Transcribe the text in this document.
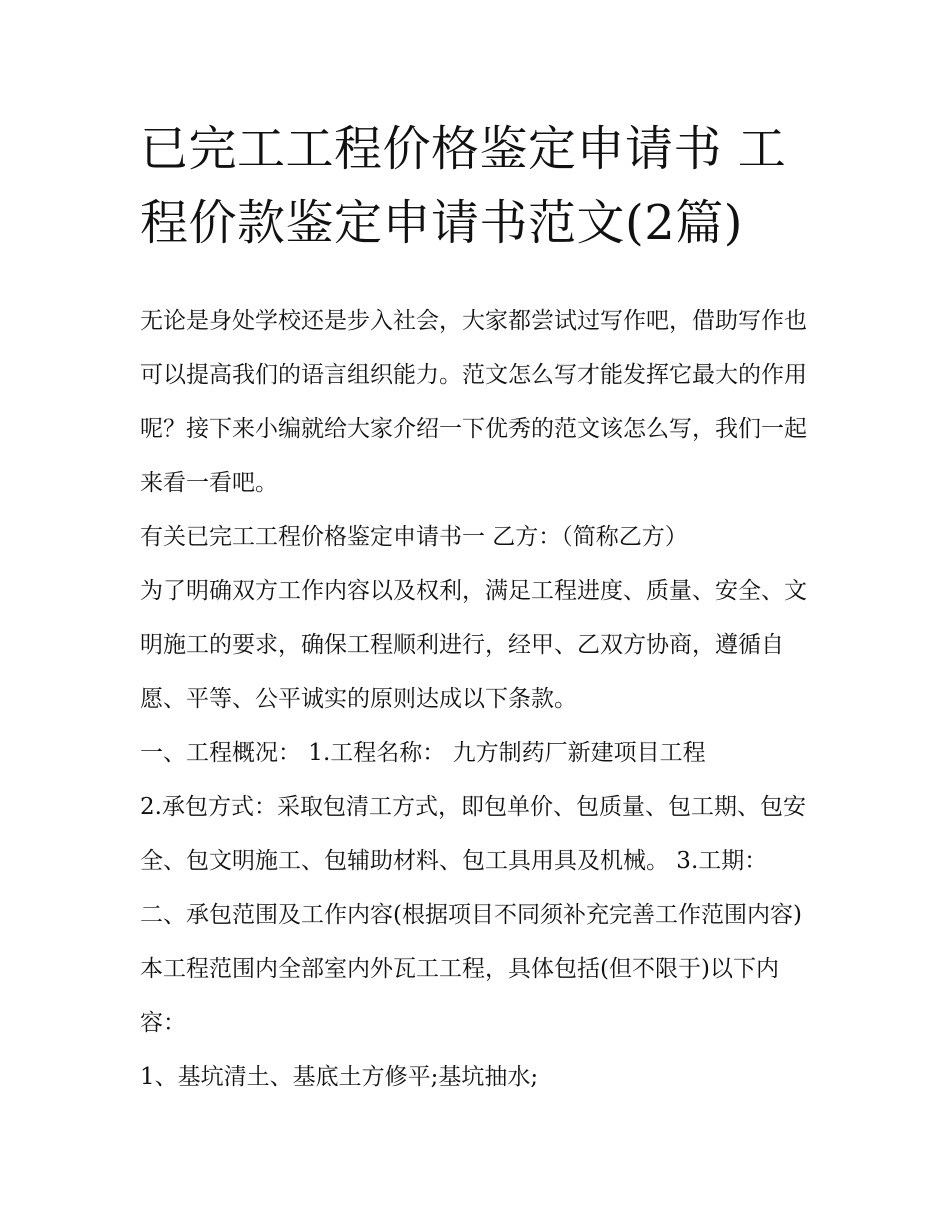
已完工工程价格鉴定申请书 工程价款鉴定申请书范文(2篇)

无论是身处学校还是步入社会，大家都尝试过写作吧，借助写作也可以提高我们的语言组织能力。范文怎么写才能发挥它最大的作用呢？接下来小编就给大家介绍一下优秀的范文该怎么写，我们一起来看一看吧。

有关已完工工程价格鉴定申请书一 乙方：（简称乙方）

为了明确双方工作内容以及权利，满足工程进度、质量、安全、文明施工的要求，确保工程顺利进行，经甲、乙双方协商，遵循自愿、平等、公平诚实的原则达成以下条款。

一、工程概况： 1.工程名称： 九方制药厂新建项目工程

2.承包方式：采取包清工方式，即包单价、包质量、包工期、包安全、包文明施工、包辅助材料、包工具用具及机械。 3.工期：

二、承包范围及工作内容(根据项目不同须补充完善工作范围内容) 本工程范围内全部室内外瓦工工程，具体包括(但不限于)以下内容：

1、基坑清土、基底土方修平;基坑抽水;
